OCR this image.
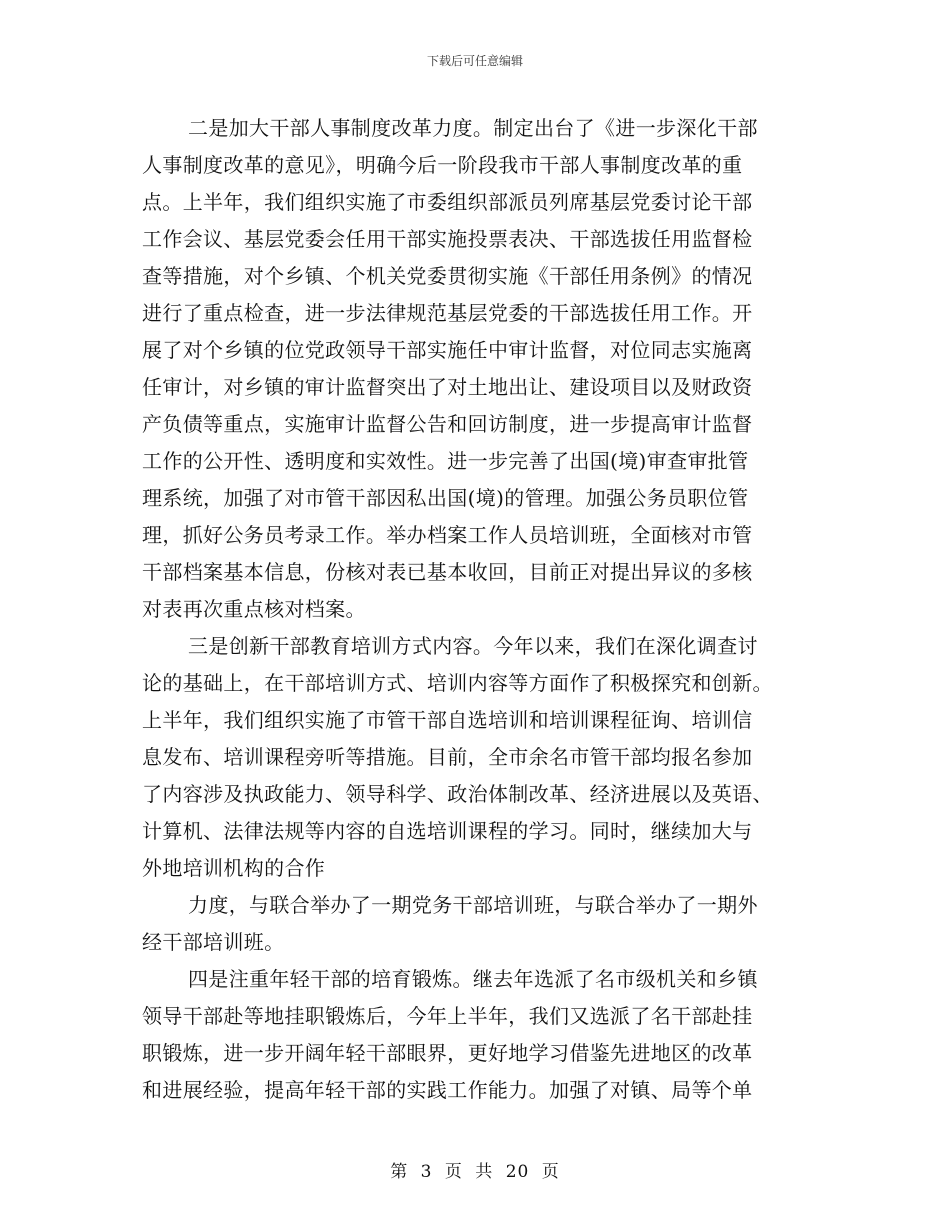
下载后可任意编辑
二是加大干部人事制度改革力度。制定出台了《进一步深化干部
人事制度改革的意见》，明确今后一阶段我市干部人事制度改革的重
点。上半年，我们组织实施了市委组织部派员列席基层党委讨论干部
工作会议、基层党委会任用干部实施投票表决、干部选拔任用监督检
查等措施，对个乡镇、个机关党委贯彻实施《干部任用条例》的情况
进行了重点检查，进一步法律规范基层党委的干部选拔任用工作。开
展了对个乡镇的位党政领导干部实施任中审计监督，对位同志实施离
任审计，对乡镇的审计监督突出了对土地出让、建设项目以及财政资
产负债等重点，实施审计监督公告和回访制度，进一步提高审计监督
工作的公开性、透明度和实效性。进一步完善了出国(境)审查审批管
理系统，加强了对市管干部因私出国(境)的管理。加强公务员职位管
理，抓好公务员考录工作。举办档案工作人员培训班，全面核对市管
干部档案基本信息，份核对表已基本收回，目前正对提出异议的多核
对表再次重点核对档案。
三是创新干部教育培训方式内容。今年以来，我们在深化调查讨
论的基础上，在干部培训方式、培训内容等方面作了积极探究和创新。
上半年，我们组织实施了市管干部自选培训和培训课程征询、培训信
息发布、培训课程旁听等措施。目前，全市余名市管干部均报名参加
了内容涉及执政能力、领导科学、政治体制改革、经济进展以及英语、
计算机、法律法规等内容的自选培训课程的学习。同时，继续加大与
外地培训机构的合作
力度，与联合举办了一期党务干部培训班，与联合举办了一期外
经干部培训班。
四是注重年轻干部的培育锻炼。继去年选派了名市级机关和乡镇
领导干部赴等地挂职锻炼后，今年上半年，我们又选派了名干部赴挂
职锻炼，进一步开阔年轻干部眼界，更好地学习借鉴先进地区的改革
和进展经验，提高年轻干部的实践工作能力。加强了对镇、局等个单
第 3 页 共 20 页
